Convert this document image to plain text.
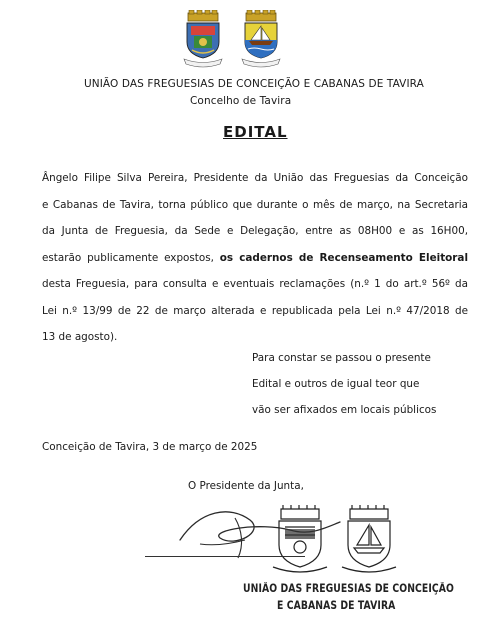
UNIÃO DAS FREGUESIAS DE CONCEIÇÃO E CABANAS DE TAVIRA
Concelho de Tavira
EDITAL
Ângelo Filipe Silva Pereira, Presidente da União das Freguesias da Conceição
e Cabanas de Tavira, torna público que durante o mês de março, na Secretaria
da Junta de Freguesia, da Sede e Delegação, entre as 08H00 e as 16H00,
estarão publicamente expostos, os cadernos de Recenseamento Eleitoral
desta Freguesia, para consulta e eventuais reclamações (n.º 1 do art.º 56º da
Lei n.º 13/99 de 22 de março alterada e republicada pela Lei n.º 47/2018 de
13 de agosto).
Para constar se passou o presente
Edital e outros de igual teor que
vão ser afixados em locais públicos
Conceição de Tavira, 3 de março de 2025
O Presidente da Junta,
UNIÃO DAS FREGUESIAS DE CONCEIÇÃO
E CABANAS DE TAVIRA
